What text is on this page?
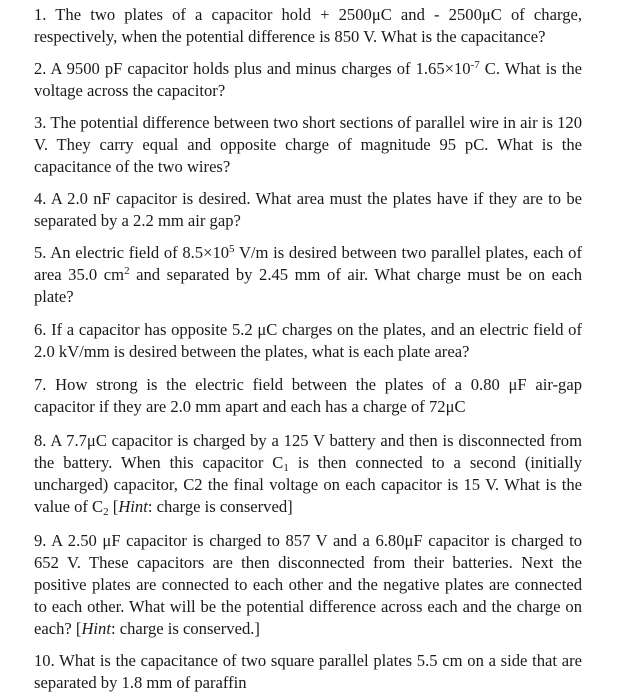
1. The two plates of a capacitor hold + 2500μC and - 2500μC of charge, respectively, when the potential difference is 850 V. What is the capacitance?

2. A 9500 pF capacitor holds plus and minus charges of $1.65\times 10^{-7}$ C. What is the voltage across the capacitor?

3. The potential difference between two short sections of parallel wire in air is 120 V. They carry equal and opposite charge of magnitude 95 pC. What is the capacitance of the two wires?

4. A 2.0 nF capacitor is desired. What area must the plates have if they are to be separated by a 2.2 mm air gap?

5. An electric field of $8.5\times 10^5$ V/m is desired between two parallel plates, each of area 35.0 $cm^2$ and separated by 2.45 mm of air. What charge must be on each plate?

6. If a capacitor has opposite 5.2 μC charges on the plates, and an electric field of 2.0 kV/mm is desired between the plates, what is each plate area?

7. How strong is the electric field between the plates of a 0.80 μF air-gap capacitor if they are 2.0 mm apart and each has a charge of 72μC

8. A 7.7μC capacitor is charged by a 125 V battery and then is disconnected from the battery. When this capacitor $C_1$ is then connected to a second (initially uncharged) capacitor, C2 the final voltage on each capacitor is 15 V. What is the value of $C_2$ [Hint: charge is conserved]

9. A 2.50 μF capacitor is charged to 857 V and a 6.80μF capacitor is charged to 652 V. These capacitors are then disconnected from their batteries. Next the positive plates are connected to each other and the negative plates are connected to each other. What will be the potential difference across each and the charge on each? [Hint: charge is conserved.]

10. What is the capacitance of two square parallel plates 5.5 cm on a side that are separated by 1.8 mm of paraffin
